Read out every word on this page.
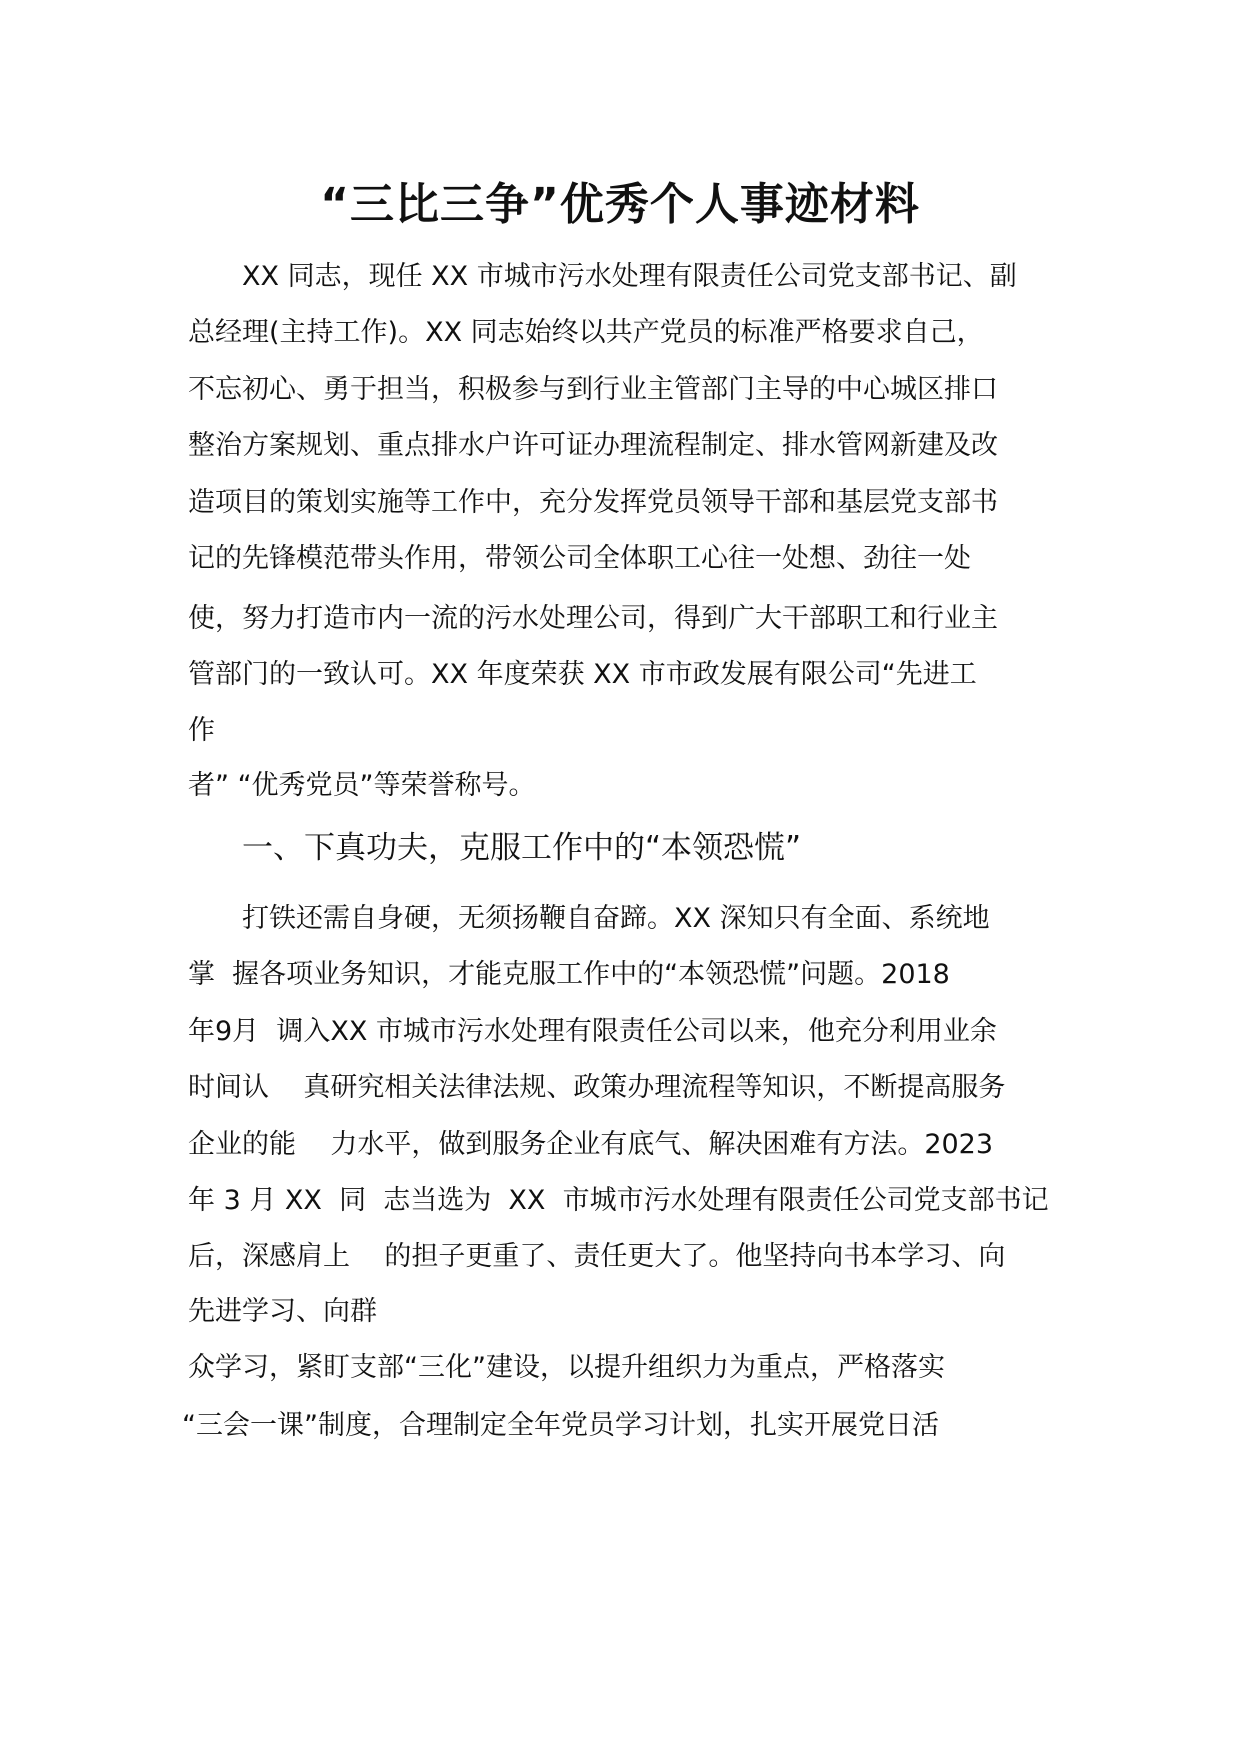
“三比三争”优秀个人事迹材料
XX 同志，现任 XX 市城市污水处理有限责任公司党支部书记、副
总经理(主持工作)。XX 同志始终以共产党员的标准严格要求自己，
不忘初心、勇于担当，积极参与到行业主管部门主导的中心城区排口
整治方案规划、重点排水户许可证办理流程制定、排水管网新建及改
造项目的策划实施等工作中，充分发挥党员领导干部和基层党支部书
记的先锋模范带头作用，带领公司全体职工心往一处想、劲往一处
使，努力打造市内一流的污水处理公司，得到广大干部职工和行业主
管部门的一致认可。XX 年度荣获 XX 市市政发展有限公司“先进工
作
者” “优秀党员”等荣誉称号。
一、下真功夫，克服工作中的“本领恐慌”
打铁还需自身硬，无须扬鞭自奋蹄。XX 深知只有全面、系统地
掌  握各项业务知识，才能克服工作中的“本领恐慌”问题。2018
年9月  调入XX 市城市污水处理有限责任公司以来，他充分利用业余
时间认    真研究相关法律法规、政策办理流程等知识，不断提高服务
企业的能    力水平，做到服务企业有底气、解决困难有方法。2023
年 3 月 XX  同  志当选为  XX  市城市污水处理有限责任公司党支部书记
后，深感肩上    的担子更重了、责任更大了。他坚持向书本学习、向
先进学习、向群
众学习，紧盯支部“三化”建设，以提升组织力为重点，严格落实
“三会一课”制度，合理制定全年党员学习计划，扎实开展党日活
